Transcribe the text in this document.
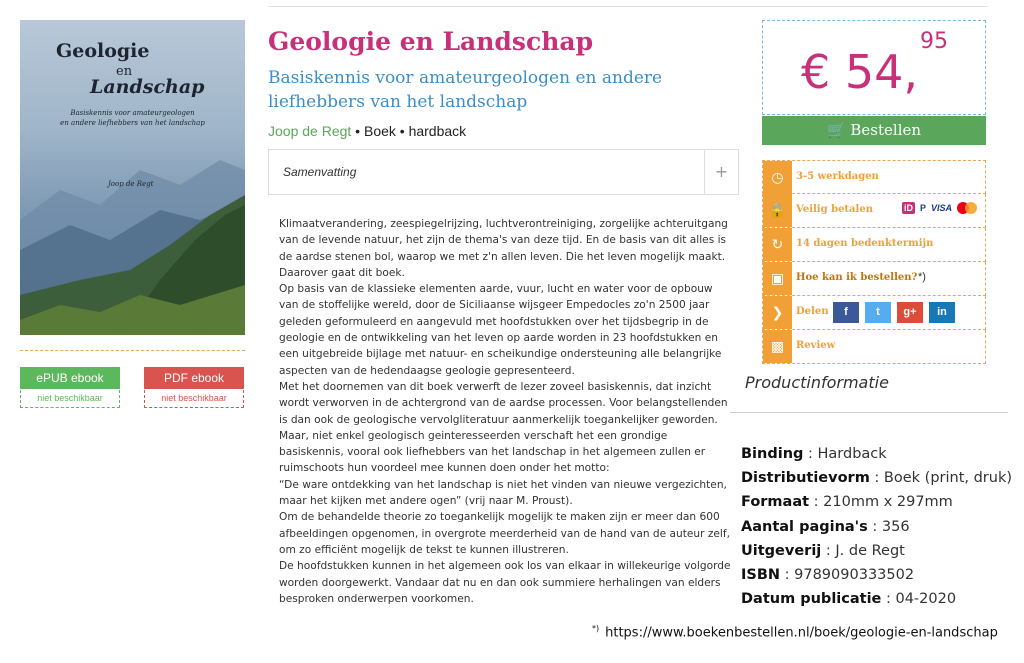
Geologie
en
Landschap
Basiskennis voor amateurgeologen
en andere liefhebbers van het landschap
Joop de Regt
ePUB ebook
niet beschikbaar
PDF ebook
niet beschikbaar
Geologie en Landschap
Basiskennis voor amateurgeologen en andere liefhebbers van het landschap
Joop de Regt • Boek • hardback
Samenvatting	+

Klimaatverandering, zeespiegelrijzing, luchtverontreiniging, zorgelijke achteruitgang van de levende natuur, het zijn de thema's van deze tijd. En de basis van dit alles is de aardse stenen bol, waarop we met z'n allen leven. Die het leven mogelijk maakt. Daarover gaat dit boek.

Op basis van de klassieke elementen aarde, vuur, lucht en water voor de opbouw van de stoffelijke wereld, door de Siciliaanse wijsgeer Empedocles zo'n 2500 jaar geleden geformuleerd en aangevuld met hoofdstukken over het tijdsbegrip in de geologie en de ontwikkeling van het leven op aarde worden in 23 hoofdstukken en een uitgebreide bijlage met natuur- en scheikundige ondersteuning alle belangrijke aspecten van de hedendaagse geologie gepresenteerd.

Met het doornemen van dit boek verwerft de lezer zoveel basiskennis, dat inzicht wordt verworven in de achtergrond van de aardse processen. Voor belangstellenden is dan ook de geologische vervolgliteratuur aanmerkelijk toegankelijker geworden.

Maar, niet enkel geologisch geinteresseerden verschaft het een grondige basiskennis, vooral ook liefhebbers van het landschap in het algemeen zullen er ruimschoots hun voordeel mee kunnen doen onder het motto:

“De ware ontdekking van het landschap is niet het vinden van nieuwe vergezichten, maar het kijken met andere ogen” (vrij naar M. Proust).

Om de behandelde theorie zo toegankelijk mogelijk te maken zijn er meer dan 600 afbeeldingen opgenomen, in overgrote meerderheid van de hand van de auteur zelf, om zo efficiënt mogelijk de tekst te kunnen illustreren.

De hoofdstukken kunnen in het algemeen ook los van elkaar in willekeurige volgorde worden doorgewerkt. Vandaar dat nu en dan ook summiere herhalingen van elders besproken onderwerpen voorkomen.

€ 54,95
🛒 Bestellen
◷	3-5 werkdagen
🔒 Veilig betalen	iD P VISA
↻	14 dagen bedenktermijn
▣	Hoe kan ik bestellen? *)
❯	Delen	f	t	g+	in
▩	Review
Productinformatie
Binding : Hardback
Distributievorm : Boek (print, druk)
Formaat : 210mm x 297mm
Aantal pagina's : 356
Uitgeverij : J. de Regt
ISBN : 9789090333502
Datum publicatie : 04-2020
*) https://www.boekenbestellen.nl/boek/geologie-en-landschap
